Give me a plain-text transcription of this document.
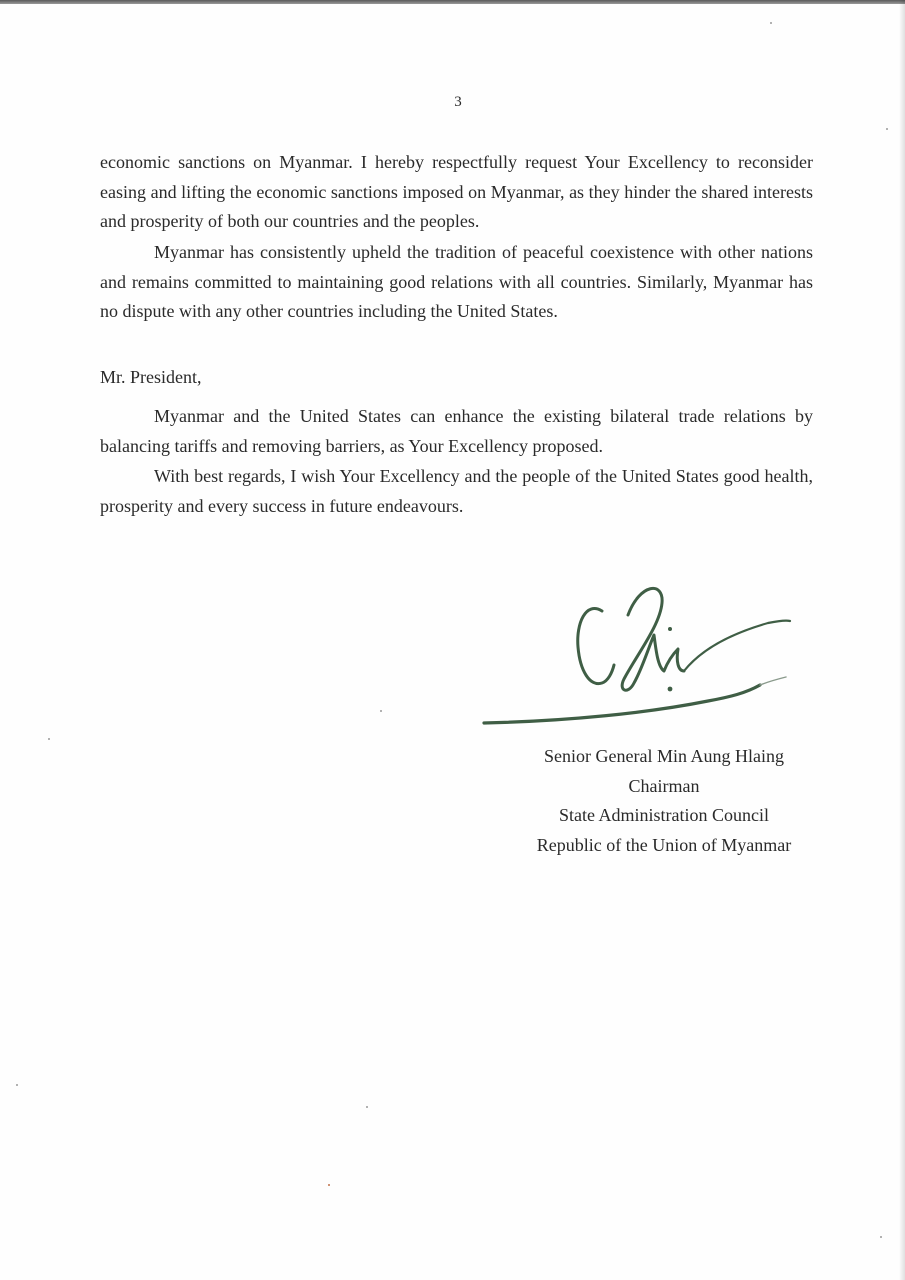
3

economic sanctions on Myanmar. I hereby respectfully request Your Excellency to reconsider easing and lifting the economic sanctions imposed on Myanmar, as they hinder the shared interests and prosperity of both our countries and the peoples.

Myanmar has consistently upheld the tradition of peaceful coexistence with other nations and remains committed to maintaining good relations with all countries. Similarly, Myanmar has no dispute with any other countries including the United States.

Mr. President,

Myanmar and the United States can enhance the existing bilateral trade relations by balancing tariffs and removing barriers, as Your Excellency proposed.

With best regards, I wish Your Excellency and the people of the United States good health, prosperity and every success in future endeavours.

Senior General Min Aung Hlaing
Chairman
State Administration Council
Republic of the Union of Myanmar
